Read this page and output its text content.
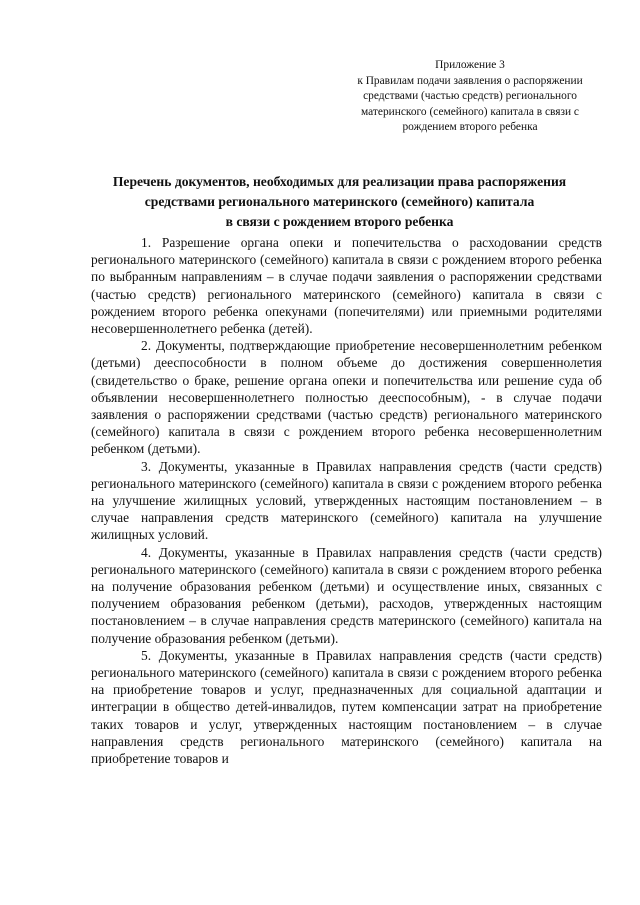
Приложение 3
к Правилам подачи заявления о распоряжении
средствами (частью средств) регионального
материнского (семейного) капитала в связи с
рождением второго ребенка
Перечень документов, необходимых для реализации права распоряжения
средствами регионального материнского (семейного) капитала
в связи с рождением второго ребенка

1. Разрешение органа опеки и попечительства о расходовании средств регионального материнского (семейного) капитала в связи с рождением второго ребенка по выбранным направлениям – в случае подачи заявления о распоряжении средствами (частью средств) регионального материнского (семейного) капитала в связи с рождением второго ребенка опекунами (попечителями) или приемными родителями несовершеннолетнего ребенка (детей).

2. Документы, подтверждающие приобретение несовершеннолетним ребенком (детьми) дееспособности в полном объеме до достижения совершеннолетия (свидетельство о браке, решение органа опеки и попечительства или решение суда об объявлении несовершеннолетнего полностью дееспособным), - в случае подачи заявления о распоряжении средствами (частью средств) регионального материнского (семейного) капитала в связи с рождением второго ребенка несовершеннолетним ребенком (детьми).

3. Документы, указанные в Правилах направления средств (части средств) регионального материнского (семейного) капитала в связи с рождением второго ребенка на улучшение жилищных условий, утвержденных настоящим постановлением – в случае направления средств материнского (семейного) капитала на улучшение жилищных условий.

4. Документы, указанные в Правилах направления средств (части средств) регионального материнского (семейного) капитала в связи с рождением второго ребенка на получение образования ребенком (детьми) и осуществление иных, связанных с получением образования ребенком (детьми), расходов, утвержденных настоящим постановлением – в случае направления средств материнского (семейного) капитала на получение образования ребенком (детьми).

5. Документы, указанные в Правилах направления средств (части средств) регионального материнского (семейного) капитала в связи с рождением второго ребенка на приобретение товаров и услуг, предназначенных для социальной адаптации и интеграции в общество детей-инвалидов, путем компенсации затрат на приобретение таких товаров и услуг, утвержденных настоящим постановлением – в случае направления средств регионального материнского (семейного) капитала на приобретение товаров и
